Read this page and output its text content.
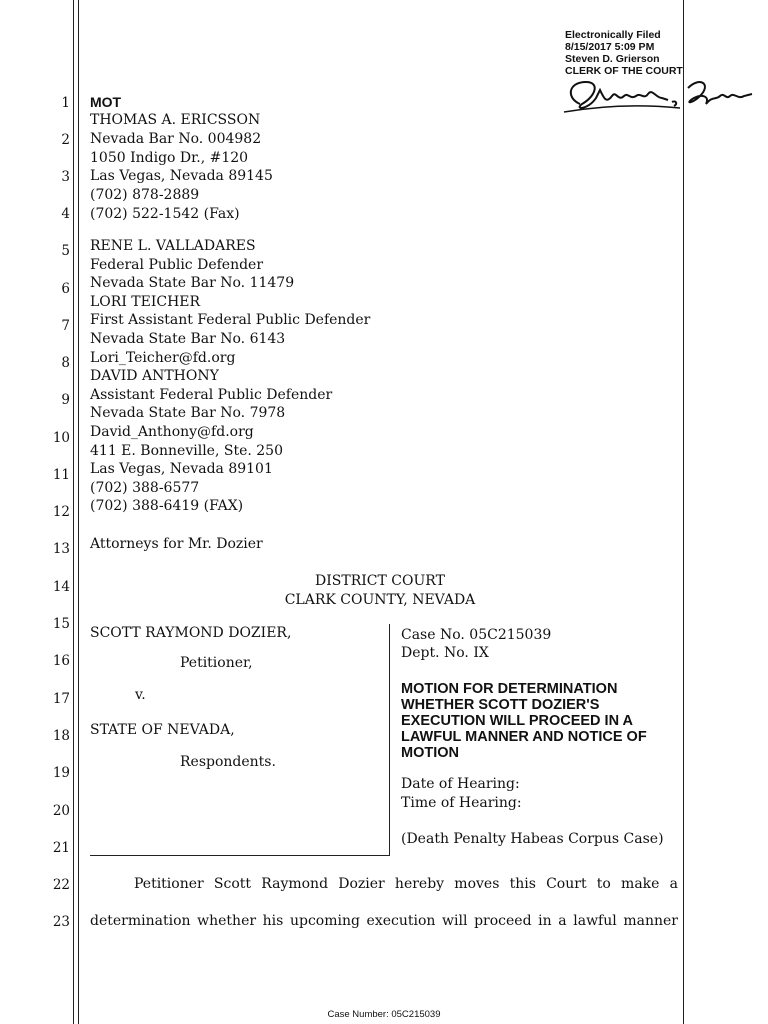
1
2
3
4
5
6
7
8
9
10
11
12
13
14
15
16
17
18
19
20
21
22
23
Electronically Filed
8/15/2017 5:09 PM
Steven D. Grierson
CLERK OF THE COURT
MOT
THOMAS A. ERICSSON
Nevada Bar No. 004982
1050 Indigo Dr., #120
Las Vegas, Nevada 89145
(702) 878-2889
(702) 522-1542 (Fax)
RENE L. VALLADARES
Federal Public Defender
Nevada State Bar No. 11479
LORI TEICHER
First Assistant Federal Public Defender
Nevada State Bar No. 6143
Lori_Teicher@fd.org
DAVID ANTHONY
Assistant Federal Public Defender
Nevada State Bar No. 7978
David_Anthony@fd.org
411 E. Bonneville, Ste. 250
Las Vegas, Nevada 89101
(702) 388-6577
(702) 388-6419 (FAX)
Attorneys for Mr. Dozier
DISTRICT COURT
CLARK COUNTY, NEVADA
SCOTT RAYMOND DOZIER,
Petitioner,
v.
STATE OF NEVADA,
Respondents.
Case No. 05C215039
Dept. No. IX
MOTION FOR DETERMINATION
WHETHER SCOTT DOZIER'S
EXECUTION WILL PROCEED IN A
LAWFUL MANNER AND NOTICE OF
MOTION
Date of Hearing:
Time of Hearing:
(Death Penalty Habeas Corpus Case)
Petitioner Scott Raymond Dozier hereby moves this Court to make a
determination whether his upcoming execution will proceed in a lawful manner
Case Number: 05C215039
